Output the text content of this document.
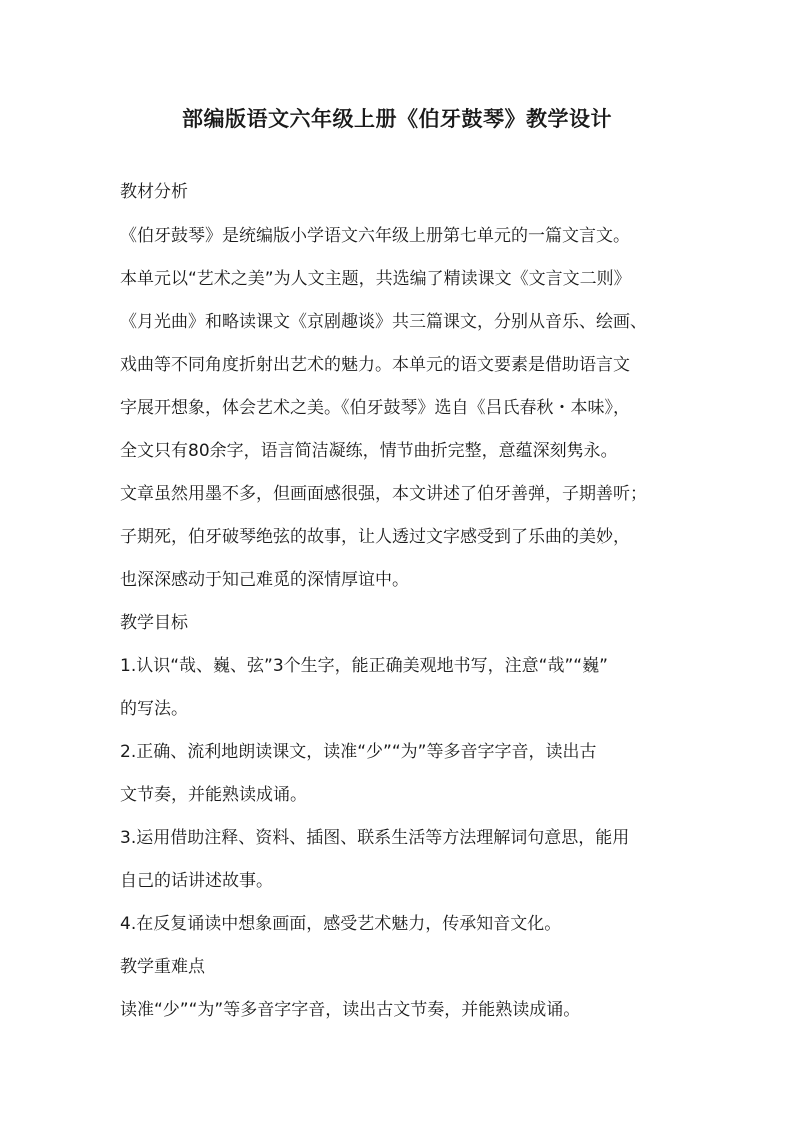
部编版语文六年级上册《伯牙鼓琴》教学设计
教材分析
《伯牙鼓琴》是统编版小学语文六年级上册第七单元的一篇文言文。
本单元以“艺术之美”为人文主题，共选编了精读课文《文言文二则》
《月光曲》和略读课文《京剧趣谈》共三篇课文，分别从音乐、绘画、
戏曲等不同角度折射出艺术的魅力。本单元的语文要素是借助语言文
字展开想象，体会艺术之美。《伯牙鼓琴》选自《吕氏春秋・本味》，
全文只有80余字，语言简洁凝练，情节曲折完整，意蕴深刻隽永。
文章虽然用墨不多，但画面感很强，本文讲述了伯牙善弹，子期善听；
子期死，伯牙破琴绝弦的故事，让人透过文字感受到了乐曲的美妙，
也深深感动于知己难觅的深情厚谊中。
教学目标
1.认识“哉、巍、弦”3个生字，能正确美观地书写，注意“哉”“巍”
的写法。
2.正确、流利地朗读课文，读准“少”“为”等多音字字音，读出古
文节奏，并能熟读成诵。
3.运用借助注释、资料、插图、联系生活等方法理解词句意思，能用
自己的话讲述故事。
4.在反复诵读中想象画面，感受艺术魅力，传承知音文化。
教学重难点
读准“少”“为”等多音字字音，读出古文节奏，并能熟读成诵。
